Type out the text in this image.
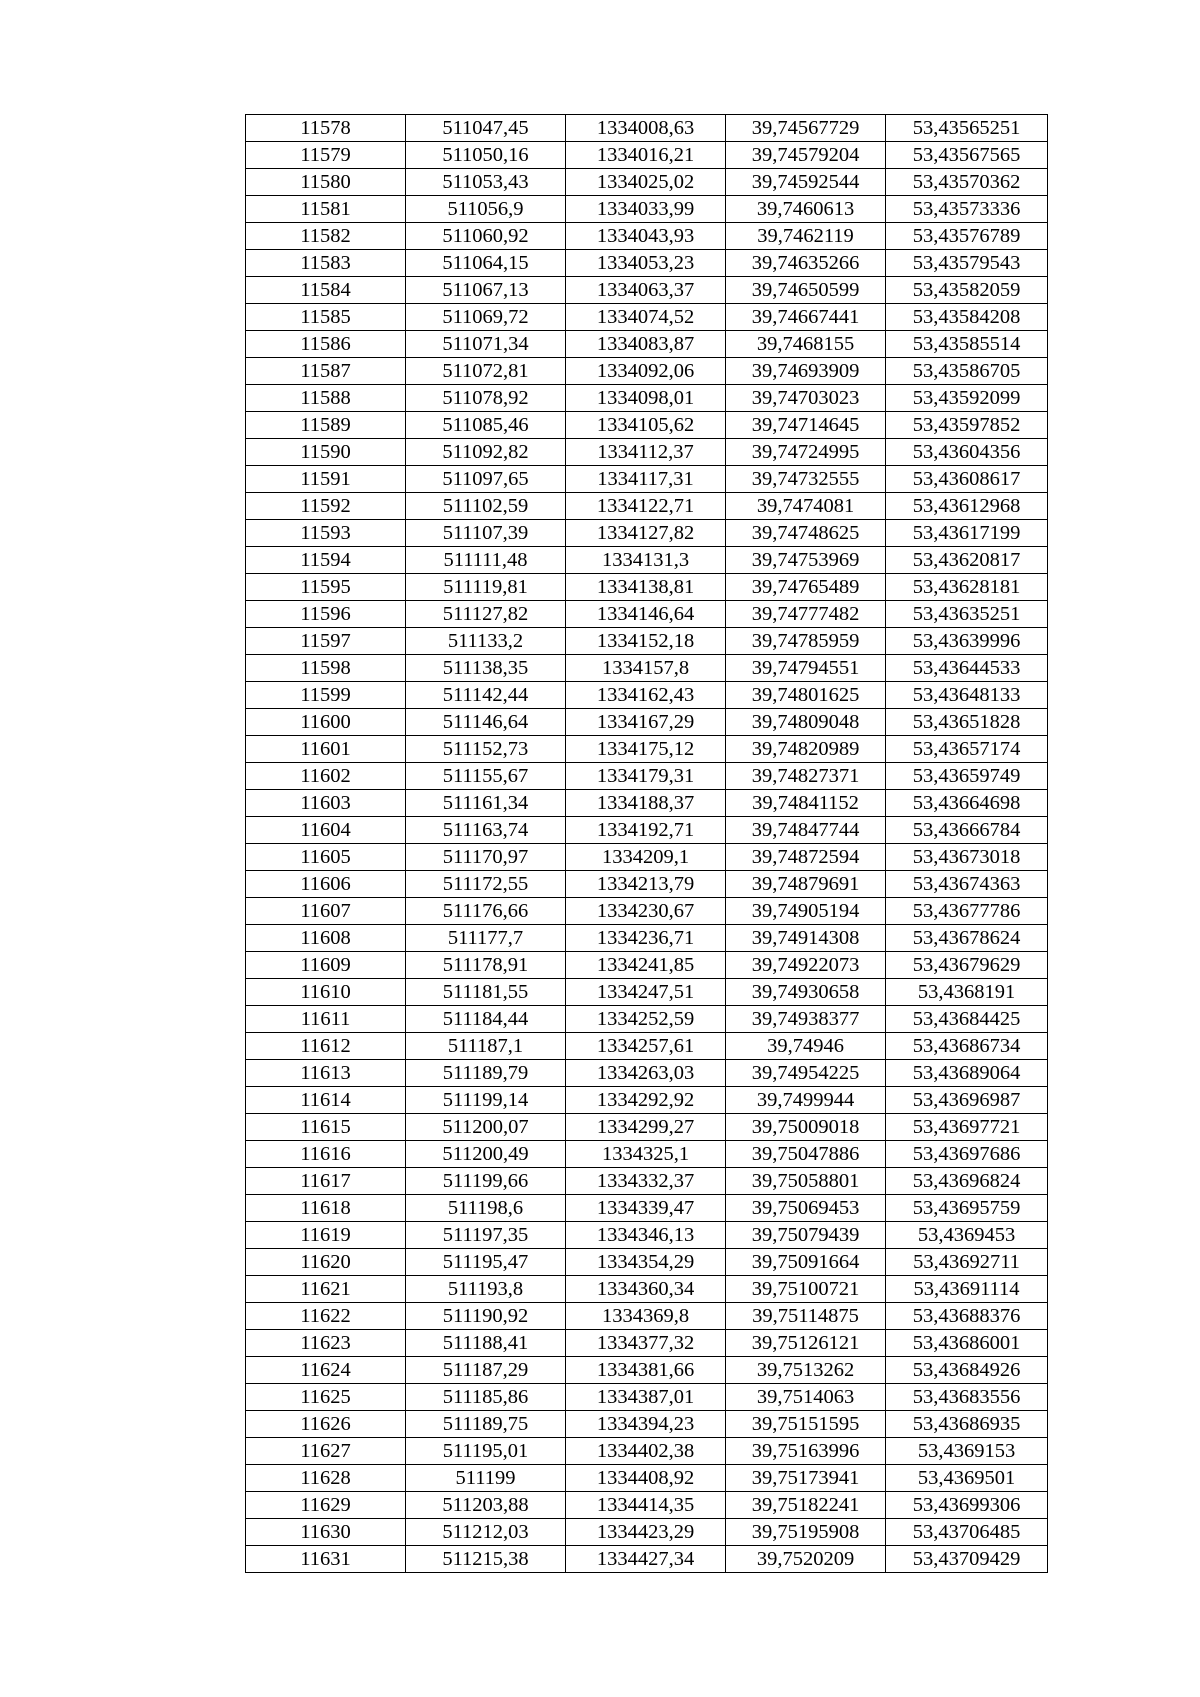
11578	511047,45	1334008,63	39,74567729	53,43565251
11579	511050,16	1334016,21	39,74579204	53,43567565
11580	511053,43	1334025,02	39,74592544	53,43570362
11581	511056,9	1334033,99	39,7460613	53,43573336
11582	511060,92	1334043,93	39,7462119	53,43576789
11583	511064,15	1334053,23	39,74635266	53,43579543
11584	511067,13	1334063,37	39,74650599	53,43582059
11585	511069,72	1334074,52	39,74667441	53,43584208
11586	511071,34	1334083,87	39,7468155	53,43585514
11587	511072,81	1334092,06	39,74693909	53,43586705
11588	511078,92	1334098,01	39,74703023	53,43592099
11589	511085,46	1334105,62	39,74714645	53,43597852
11590	511092,82	1334112,37	39,74724995	53,43604356
11591	511097,65	1334117,31	39,74732555	53,43608617
11592	511102,59	1334122,71	39,7474081	53,43612968
11593	511107,39	1334127,82	39,74748625	53,43617199
11594	511111,48	1334131,3	39,74753969	53,43620817
11595	511119,81	1334138,81	39,74765489	53,43628181
11596	511127,82	1334146,64	39,74777482	53,43635251
11597	511133,2	1334152,18	39,74785959	53,43639996
11598	511138,35	1334157,8	39,74794551	53,43644533
11599	511142,44	1334162,43	39,74801625	53,43648133
11600	511146,64	1334167,29	39,74809048	53,43651828
11601	511152,73	1334175,12	39,74820989	53,43657174
11602	511155,67	1334179,31	39,74827371	53,43659749
11603	511161,34	1334188,37	39,74841152	53,43664698
11604	511163,74	1334192,71	39,74847744	53,43666784
11605	511170,97	1334209,1	39,74872594	53,43673018
11606	511172,55	1334213,79	39,74879691	53,43674363
11607	511176,66	1334230,67	39,74905194	53,43677786
11608	511177,7	1334236,71	39,74914308	53,43678624
11609	511178,91	1334241,85	39,74922073	53,43679629
11610	511181,55	1334247,51	39,74930658	53,4368191
11611	511184,44	1334252,59	39,74938377	53,43684425
11612	511187,1	1334257,61	39,74946	53,43686734
11613	511189,79	1334263,03	39,74954225	53,43689064
11614	511199,14	1334292,92	39,7499944	53,43696987
11615	511200,07	1334299,27	39,75009018	53,43697721
11616	511200,49	1334325,1	39,75047886	53,43697686
11617	511199,66	1334332,37	39,75058801	53,43696824
11618	511198,6	1334339,47	39,75069453	53,43695759
11619	511197,35	1334346,13	39,75079439	53,4369453
11620	511195,47	1334354,29	39,75091664	53,43692711
11621	511193,8	1334360,34	39,75100721	53,43691114
11622	511190,92	1334369,8	39,75114875	53,43688376
11623	511188,41	1334377,32	39,75126121	53,43686001
11624	511187,29	1334381,66	39,7513262	53,43684926
11625	511185,86	1334387,01	39,7514063	53,43683556
11626	511189,75	1334394,23	39,75151595	53,43686935
11627	511195,01	1334402,38	39,75163996	53,4369153
11628	511199	1334408,92	39,75173941	53,4369501
11629	511203,88	1334414,35	39,75182241	53,43699306
11630	511212,03	1334423,29	39,75195908	53,43706485
11631	511215,38	1334427,34	39,7520209	53,43709429
